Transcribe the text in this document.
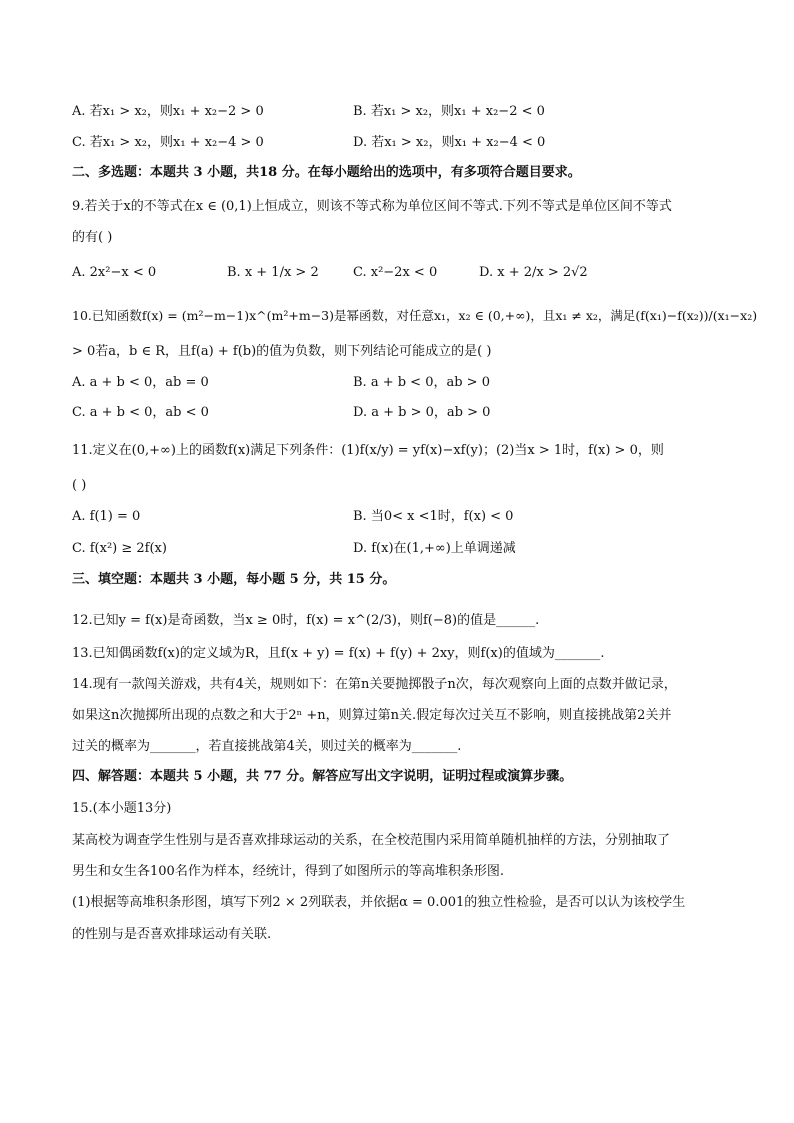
A. 若x₁ > x₂，则x₁ + x₂−2 > 0	B. 若x₁ > x₂，则x₁ + x₂−2 < 0
C. 若x₁ > x₂，则x₁ + x₂−4 > 0	D. 若x₁ > x₂，则x₁ + x₂−4 < 0
二、多选题：本题共 3 小题，共18 分。在每小题给出的选项中，有多项符合题目要求。
9.若关于x的不等式在x ∈ (0,1)上恒成立，则该不等式称为单位区间不等式.下列不等式是单位区间不等式
的有( )
A. 2x²−x < 0	B. x + 1/x > 2	C. x²−2x < 0	D. x + 2/x > 2√2
10.已知函数f(x) = (m²−m−1)x^(m²+m−3)是幂函数，对任意x₁，x₂ ∈ (0,+∞)，且x₁ ≠ x₂，满足(f(x₁)−f(x₂))/(x₁−x₂)
> 0若a，b ∈ R，且f(a) + f(b)的值为负数，则下列结论可能成立的是( )
A. a + b < 0，ab = 0	B. a + b < 0，ab > 0
C. a + b < 0，ab < 0	D. a + b > 0，ab > 0
11.定义在(0,+∞)上的函数f(x)满足下列条件：(1)f(x/y) = yf(x)−xf(y)；(2)当x > 1时，f(x) > 0，则
( )
A. f(1) = 0	B. 当0< x <1时，f(x) < 0
C. f(x²) ≥ 2f(x)	D. f(x)在(1,+∞)上单调递减
三、填空题：本题共 3 小题，每小题 5 分，共 15 分。
12.已知y = f(x)是奇函数，当x ≥ 0时，f(x) = x^(2/3)，则f(−8)的值是______.
13.已知偶函数f(x)的定义域为R，且f(x + y) = f(x) + f(y) + 2xy，则f(x)的值域为_______.
14.现有一款闯关游戏，共有4关，规则如下：在第n关要抛掷骰子n次，每次观察向上面的点数并做记录，
如果这n次抛掷所出现的点数之和大于2ⁿ +n，则算过第n关.假定每次过关互不影响，则直接挑战第2关并
过关的概率为_______，若直接挑战第4关，则过关的概率为_______.
四、解答题：本题共 5 小题，共 77 分。解答应写出文字说明，证明过程或演算步骤。
15.(本小题13分)
某高校为调查学生性别与是否喜欢排球运动的关系，在全校范围内采用简单随机抽样的方法，分别抽取了
男生和女生各100名作为样本，经统计，得到了如图所示的等高堆积条形图.
(1)根据等高堆积条形图，填写下列2 × 2列联表，并依据α = 0.001的独立性检验，是否可以认为该校学生
的性别与是否喜欢排球运动有关联.
